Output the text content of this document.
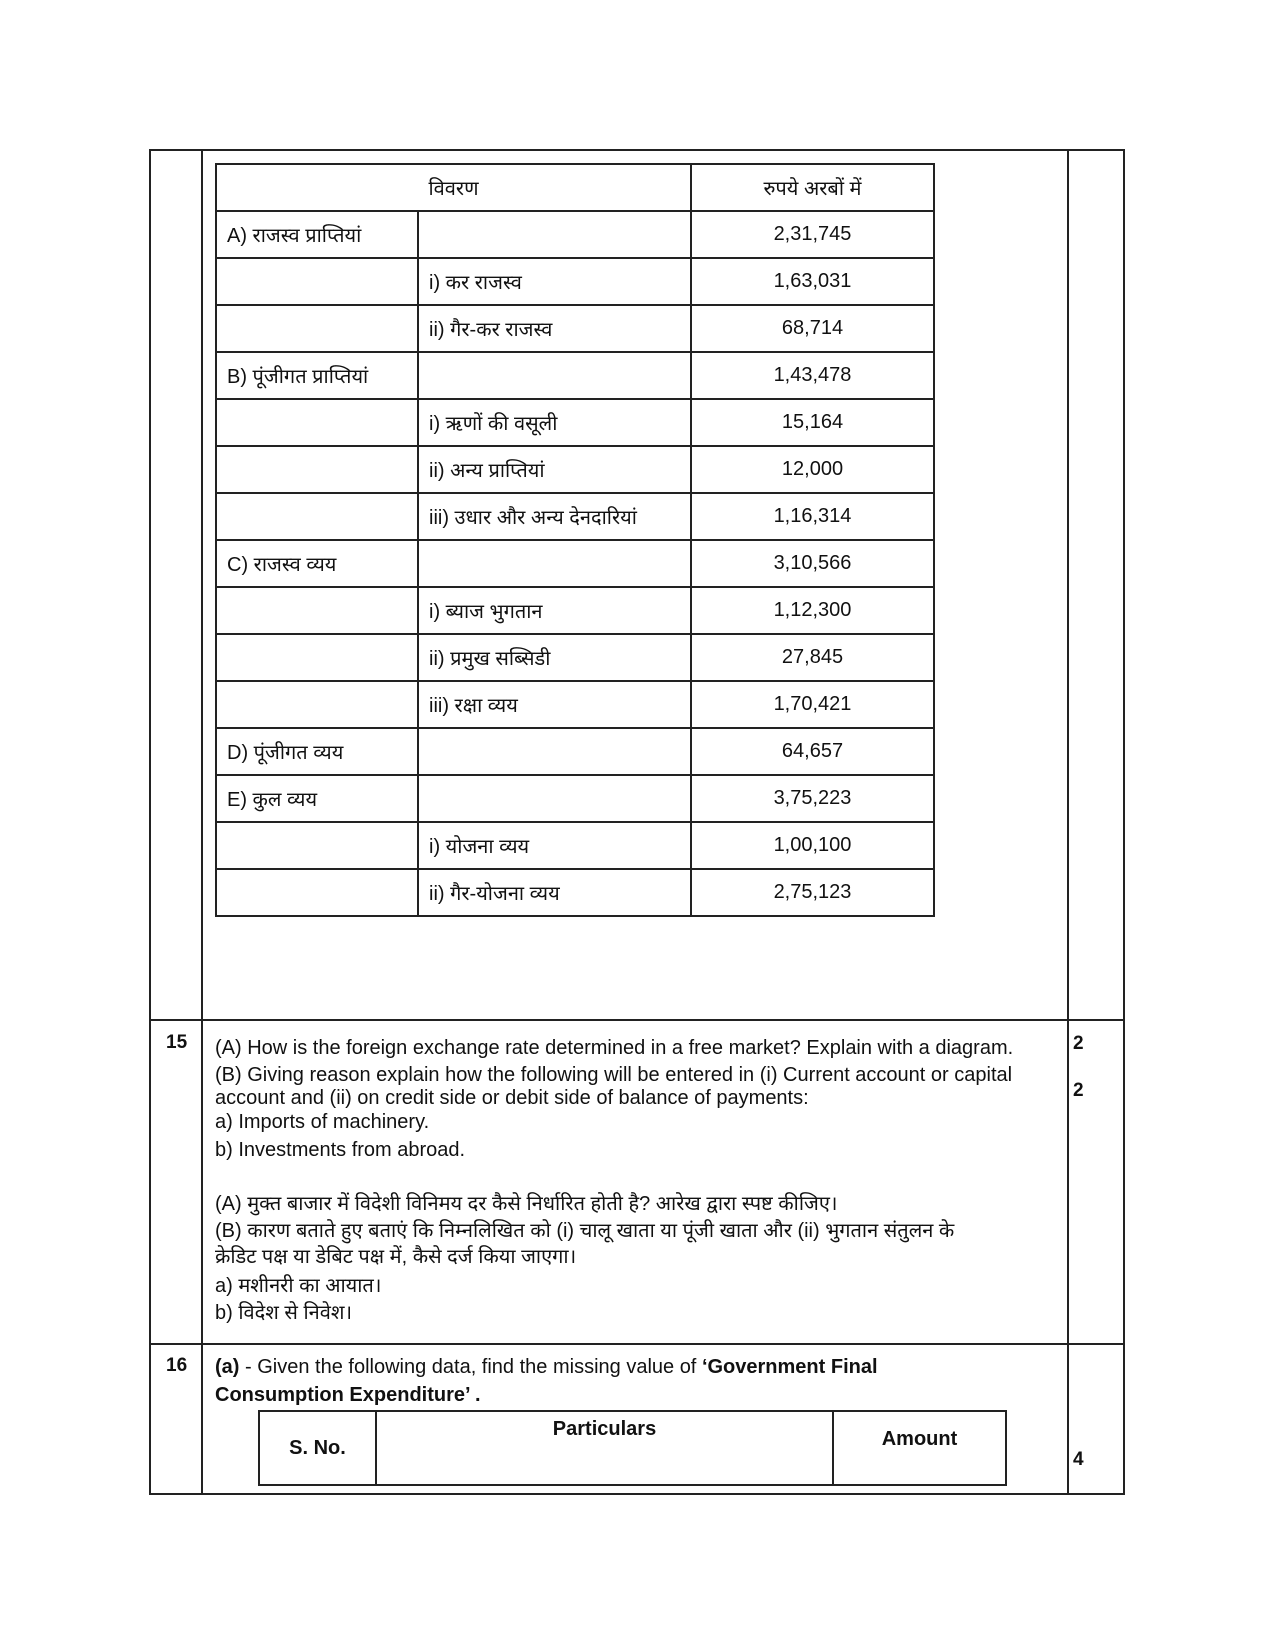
विवरण		रुपये अरबों में
A) राजस्व प्राप्तियां		2,31,745
	i) कर राजस्व	1,63,031
	ii) गैर-कर राजस्व	68,714
B) पूंजीगत प्राप्तियां		1,43,478
	i) ऋणों की वसूली	15,164
	ii) अन्य प्राप्तियां	12,000
	iii) उधार और अन्य देनदारियां	1,16,314
C) राजस्व व्यय		3,10,566
	i) ब्याज भुगतान	1,12,300
	ii) प्रमुख सब्सिडी	27,845
	iii) रक्षा व्यय	1,70,421
D) पूंजीगत व्यय		64,657
E) कुल व्यय		3,75,223
	i) योजना व्यय	1,00,100
	ii) गैर-योजना व्यय	2,75,123
15	2
2
(A) How is the foreign exchange rate determined in a free market? Explain with a diagram.
(B) Giving reason explain how the following will be entered in (i) Current account or capital
account and (ii) on credit side or debit side of balance of payments:
a) Imports of machinery.
b) Investments from abroad.
(A) मुक्त बाजार में विदेशी विनिमय दर कैसे निर्धारित होती है? आरेख द्वारा स्पष्ट कीजिए।
(B) कारण बताते हुए बताएं कि निम्नलिखित को (i) चालू खाता या पूंजी खाता और (ii) भुगतान संतुलन के
क्रेडिट पक्ष या डेबिट पक्ष में, कैसे दर्ज किया जाएगा।
a) मशीनरी का आयात।
b) विदेश से निवेश।
16
4
(a) - Given the following data, find the missing value of ‘Government Final
Consumption Expenditure’ .
S. No.	Particulars	Amount
